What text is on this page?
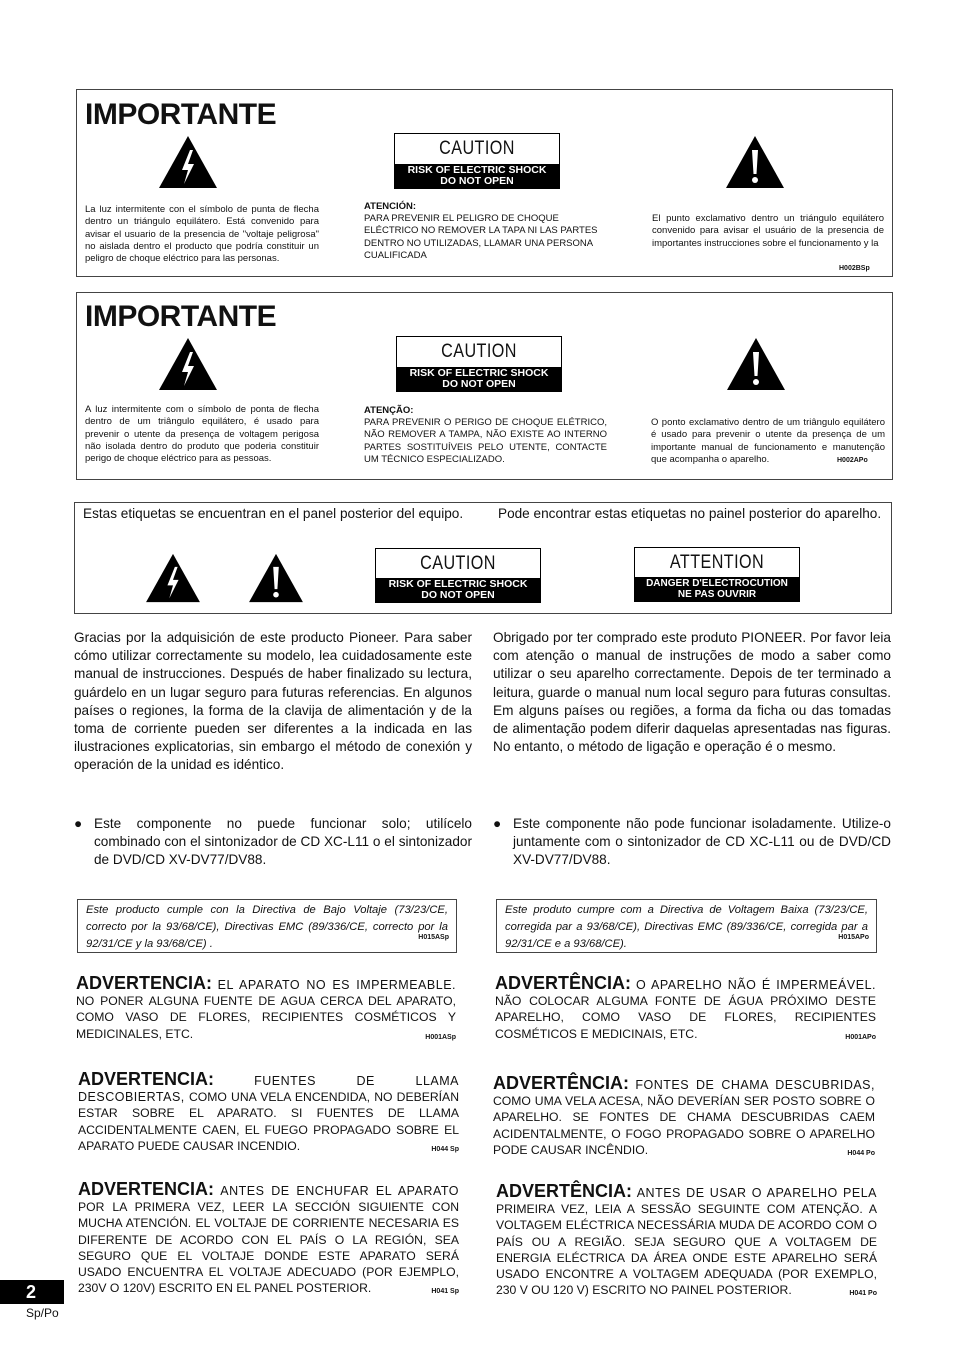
IMPORTANTE
CAUTION
RISK OF ELECTRIC SHOCK
DO NOT OPEN
La luz intermitente con el símbolo de punta de flecha dentro un triángulo equilátero. Está convenido para avisar el usuario de la presencia de "voltaje peligrosa" no aislada dentro el producto que podría constituir un peligro de choque eléctrico para las personas.
ATENCIÓN:
PARA PREVENIR EL PELIGRO DE CHOQUE ELÉCTRICO NO REMOVER LA TAPA NI LAS PARTES DENTRO NO UTILIZADAS, LLAMAR UNA PERSONA CUALIFICADA
El punto exclamativo dentro un triángulo equilátero convenido para avisar el usuário de la presencia de importantes instrucciones sobre el funcionamento y la
H002BSp
IMPORTANTE
CAUTION
RISK OF ELECTRIC SHOCK
DO NOT OPEN
A luz intermitente com o símbolo de ponta de flecha dentro de um triângulo equilátero, é usado para prevenir o utente da presença de voltagem perigosa não isolada dentro do produto que poderia constituir perigo de choque eléctrico para as pessoas.
ATENÇÃO:
PARA PREVENIR O PERIGO DE CHOQUE ELÉTRICO, NÃO REMOVER A TAMPA, NÃO EXISTE AO INTERNO PARTES SOSTITUÍVEIS PELO UTENTE, CONTACTE UM TÉCNICO ESPECIALIZADO.
O ponto exclamativo dentro de um triângulo equilátero é usado para prevenir o utente da presença de um importante manual de funcionamento e manutenção que acompanha o aparelho.	H002APo
Estas etiquetas se encuentran en el panel posterior del equipo.	Pode encontrar estas etiquetas no painel posterior do aparelho.
CAUTION
RISK OF ELECTRIC SHOCK
DO NOT OPEN
ATTENTION
DANGER D'ELECTROCUTION
NE PAS OUVRIR
Gracias por la adquisición de este producto Pioneer. Para saber cómo utilizar correctamente su modelo, lea cuidadosamente este manual de instrucciones. Después de haber finalizado su lectura, guárdelo en un lugar seguro para futuras referencias. En algunos países o regiones, la forma de la clavija de alimentación y de la toma de corriente pueden ser diferentes a la indicada en las ilustraciones explicatorias, sin embargo el método de conexión y operación de la unidad es idéntico.
● Este componente no puede funcionar solo; utilícelo combinado con el sintonizador de CD XC-L11 o el sintonizador de DVD/CD XV-DV77/DV88.
Obrigado por ter comprado este produto PIONEER. Por favor leia com atenção o manual de instruções de modo a saber como utilizar o seu aparelho correctamente. Depois de ter terminado a leitura, guarde o manual num local seguro para futuras consultas. Em alguns países ou regiões, a forma da ficha ou das tomadas de alimentação podem diferir daquelas apresentadas nas figuras. No entanto, o método de ligação e operação é o mesmo.
● Este componente não pode funcionar isoladamente. Utilize-o juntamente com o sintonizador de CD XC-L11 ou de DVD/CD XV-DV77/DV88.
Este producto cumple con la Directiva de Bajo Voltaje (73/23/CE, correcto por la 93/68/CE), Directivas EMC (89/336/CE, correcto por la 92/31/CE y la 93/68/CE) .
H015ASp
Este produto cumpre com a Directiva de Voltagem Baixa (73/23/CE, corregida par a 93/68/CE), Directivas EMC (89/336/CE, corregida par a 92/31/CE e a 93/68/CE).
H015APo
ADVERTENCIA: EL APARATO NO ES IMPERMEABLE. NO PONER ALGUNA FUENTE DE AGUA CERCA DEL APARATO, COMO VASO DE FLORES, RECIPIENTES COSMÉTICOS Y MEDICINALES, ETC.	H001ASp
ADVERTENCIA:	FUENTES DE LLAMA DESCOBIERTAS, COMO UNA VELA ENCENDIDA, NO DEBERÍAN ESTAR SOBRE EL APARATO. SI FUENTES DE LLAMA ACCIDENTALMENTE CAEN, EL FUEGO PROPAGADO SOBRE EL APARATO PUEDE CAUSAR INCENDIO.	H044 Sp
ADVERTENCIA: ANTES DE ENCHUFAR EL APARATO POR LA PRIMERA VEZ, LEER LA SECCIÓN SIGUIENTE CON MUCHA ATENCIÓN. EL VOLTAJE DE CORRIENTE NECESARIA ES DIFERENTE DE ACORDO CON EL PAÍS O LA REGIÓN, SEA SEGURO QUE EL VOLTAJE DONDE ESTE APARATO SERÁ USADO ENCUENTRA EL VOLTAJE ADECUADO (POR EJEMPLO, 230V O 120V) ESCRITO EN EL PANEL POSTERIOR.	H041 Sp
ADVERTÊNCIA: O APARELHO NÃO É IMPERMEÁVEL. NÃO COLOCAR ALGUMA FONTE DE ÁGUA PRÓXIMO DESTE APARELHO, COMO VASO DE FLORES, RECIPIENTES COSMÉTICOS E MEDICINAIS, ETC.	H001APo
ADVERTÊNCIA: FONTES DE CHAMA DESCUBRIDAS, COMO UMA VELA ACESA, NÃO DEVERÍAN SER POSTO SOBRE O APARELHO. SE FONTES DE CHAMA DESCUBRIDAS CAEM ACIDENTALMENTE, O FOGO PROPAGADO SOBRE O APARELHO PODE CAUSAR INCÊNDIO.	H044 Po
ADVERTÊNCIA: ANTES DE USAR O APARELHO PELA PRIMEIRA VEZ, LEIA A SESSÃO SEGUINTE COM ATENÇÃO. A VOLTAGEM ELÉCTRICA NECESSÁRIA MUDA DE ACORDO COM O PAÍS OU A REGIÃO. SEJA SEGURO QUE A VOLTAGEM DE ENERGIA ELÉCTRICA DA ÁREA ONDE ESTE APARELHO SERÁ USADO ENCONTRE A VOLTAGEM ADEQUADA (POR EXEMPLO, 230 V OU 120 V) ESCRITO NO PAINEL POSTERIOR.	H041 Po
2
Sp/Po
